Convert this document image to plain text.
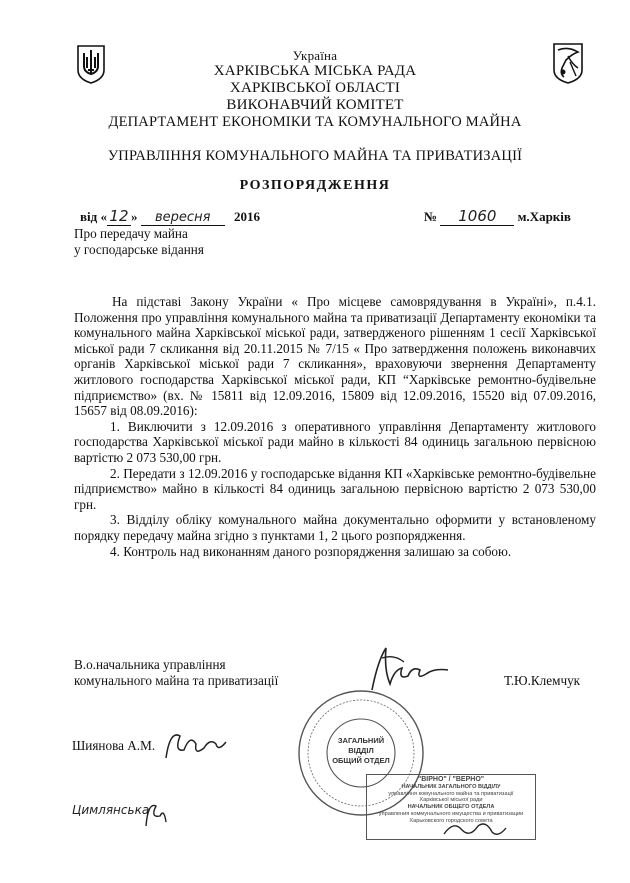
Україна
ХАРКІВСЬКА МІСЬКА РАДА
ХАРКІВСЬКОЇ ОБЛАСТІ
ВИКОНАВЧИЙ КОМІТЕТ
ДЕПАРТАМЕНТ ЕКОНОМІКИ ТА КОМУНАЛЬНОГО МАЙНА
УПРАВЛІННЯ КОМУНАЛЬНОГО МАЙНА ТА ПРИВАТИЗАЦІЇ
РОЗПОРЯДЖЕННЯ
від « 12 » вересня 2016	№ 1060 м.Харків
Про передачу майна
у господарське відання

На підставі Закону України « Про місцеве самоврядування в Україні», п.4.1. Положення про управління комунального майна та приватизації Департаменту економіки та комунального майна Харківської міської ради, затвердженого рішенням 1 сесії Харківської міської ради 7 скликання від 20.11.2015 № 7/15 « Про затвердження положень виконавчих органів Харківської міської ради 7 скликання», враховуючи звернення Департаменту житлового господарства Харківської міської ради, КП “Харківське ремонтно-будівельне підприємство» (вх. № 15811 від 12.09.2016, 15809 від 12.09.2016, 15520 від 07.09.2016, 15657 від 08.09.2016):

1. Виключити з 12.09.2016 з оперативного управління Департаменту житлового господарства Харківської міської ради майно в кількості 84 одиниць загальною первісною вартістю 2 073 530,00 грн.

2. Передати з 12.09.2016 у господарське відання КП «Харківське ремонтно-будівельне підприємство» майно в кількості 84 одиниць загальною первісною вартістю 2 073 530,00 грн.

3. Відділу обліку комунального майна документально оформити у встановленому порядку передачу майна згідно з пунктами 1, 2 цього розпорядження.

4. Контроль над виконанням даного розпорядження залишаю за собою.

В.о.начальника управління
комунального майна та приватизації	Т.Ю.Клемчук
ЗАГАЛЬНИЙ
ВІДДІЛ
ОБЩИЙ ОТДЕЛ
Шиянова А.М.
Цимлянська
"ВІРНО" / "ВЕРНО"
НАЧАЛЬНИК ЗАГАЛЬНОГО ВІДДІЛУ
управління комунального майна та приватизації
Харківської міської ради
НАЧАЛЬНИК ОБЩЕГО ОТДЕЛА
управления коммунального имущества и приватизации
Харьковского городского совета
